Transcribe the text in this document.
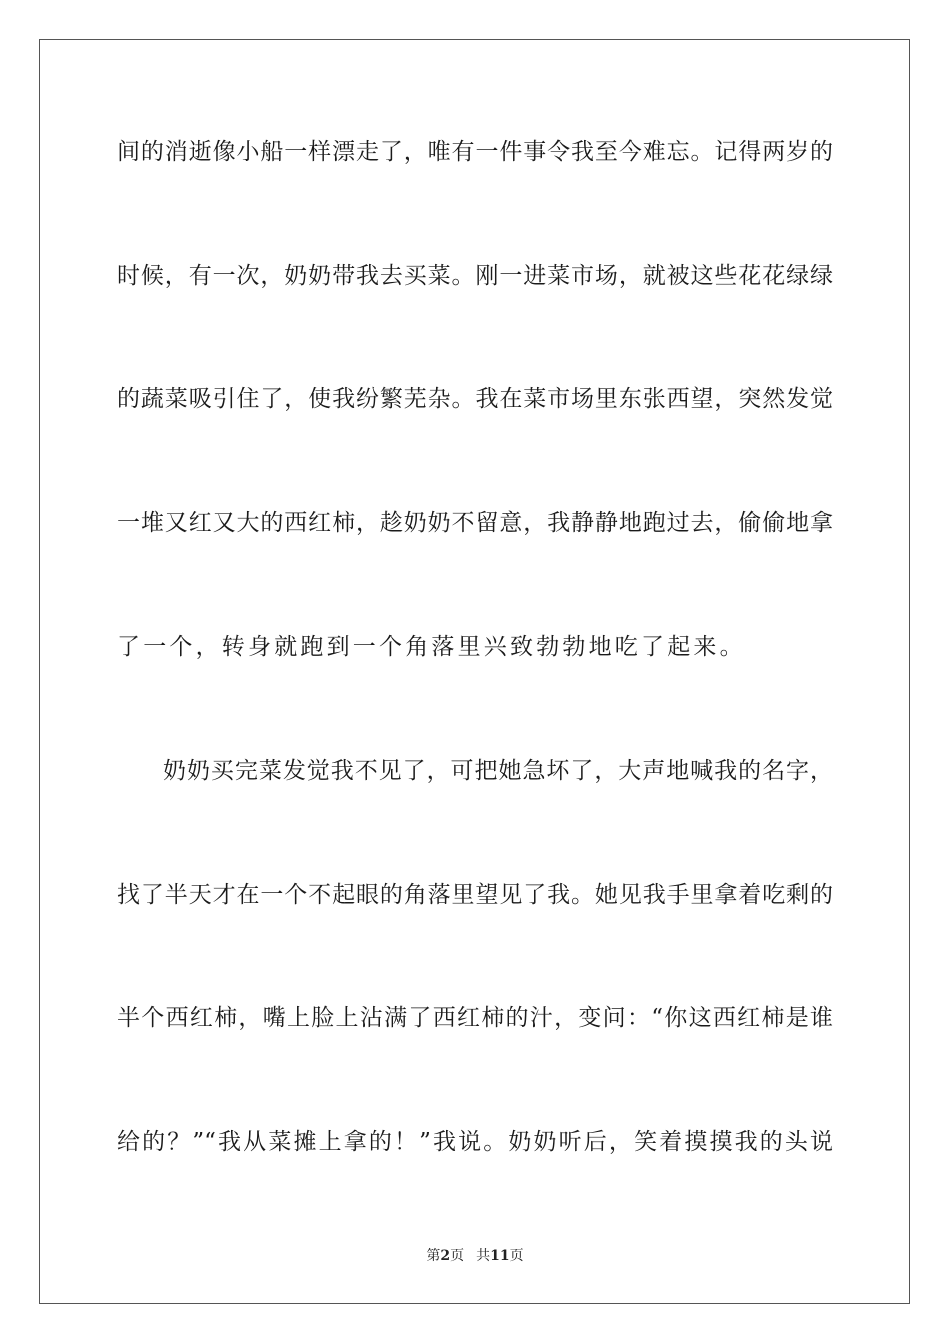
间的消逝像小船一样漂走了，唯有一件事令我至今难忘。记得两岁的
时候，有一次，奶奶带我去买菜。刚一进菜市场，就被这些花花绿绿
的蔬菜吸引住了，使我纷繁芜杂。我在菜市场里东张西望，突然发觉
一堆又红又大的西红柿，趁奶奶不留意，我静静地跑过去，偷偷地拿
了一个，转身就跑到一个角落里兴致勃勃地吃了起来。
奶奶买完菜发觉我不见了，可把她急坏了，大声地喊我的名字，
找了半天才在一个不起眼的角落里望见了我。她见我手里拿着吃剩的
半个西红柿，嘴上脸上沾满了西红柿的汁，变问：“你这西红柿是谁
给的？”“我从菜摊上拿的！”我说。奶奶听后，笑着摸摸我的头说
第2页 共11页
